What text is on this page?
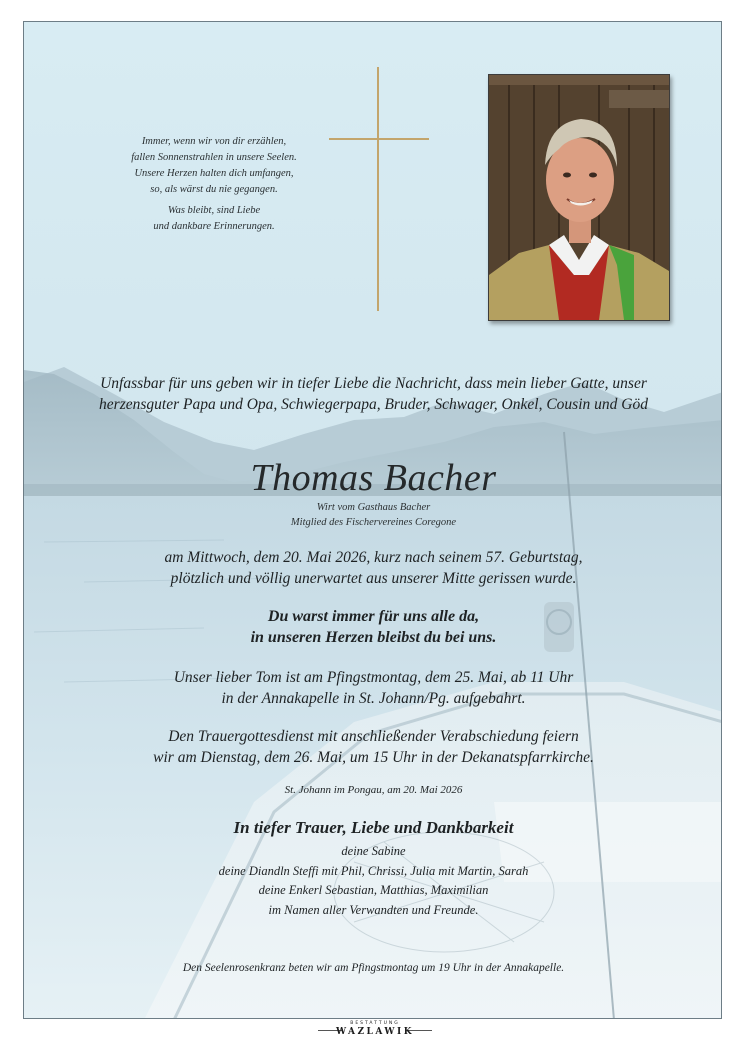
Immer, wenn wir von dir erzählen,
fallen Sonnenstrahlen in unsere Seelen.
Unsere Herzen halten dich umfangen,
so, als wärst du nie gegangen.
Was bleibt, sind Liebe
und dankbare Erinnerungen.
Unfassbar für uns geben wir in tiefer Liebe die Nachricht, dass mein lieber Gatte, unser herzensguter Papa und Opa, Schwiegerpapa, Bruder, Schwager, Onkel, Cousin und Göd
Thomas Bacher
Wirt vom Gasthaus Bacher
Mitglied des Fischervereines Coregone
am Mittwoch, dem 20. Mai 2026, kurz nach seinem 57. Geburtstag,
plötzlich und völlig unerwartet aus unserer Mitte gerissen wurde.
Du warst immer für uns alle da,
in unseren Herzen bleibst du bei uns.
Unser lieber Tom ist am Pfingstmontag, dem 25. Mai, ab 11 Uhr
in der Annakapelle in St. Johann/Pg. aufgebahrt.
Den Trauergottesdienst mit anschließender Verabschiedung feiern
wir am Dienstag, dem 26. Mai, um 15 Uhr in der Dekanatspfarrkirche.
St. Johann im Pongau, am 20. Mai 2026
In tiefer Trauer, Liebe und Dankbarkeit
deine Sabine
deine Diandln Steffi mit Phil, Chrissi, Julia mit Martin, Sarah
deine Enkerl Sebastian, Matthias, Maximilian
im Namen aller Verwandten und Freunde.
Den Seelenrosenkranz beten wir am Pfingstmontag um 19 Uhr in der Annakapelle.
BESTATTUNG
WAZLAWIK
